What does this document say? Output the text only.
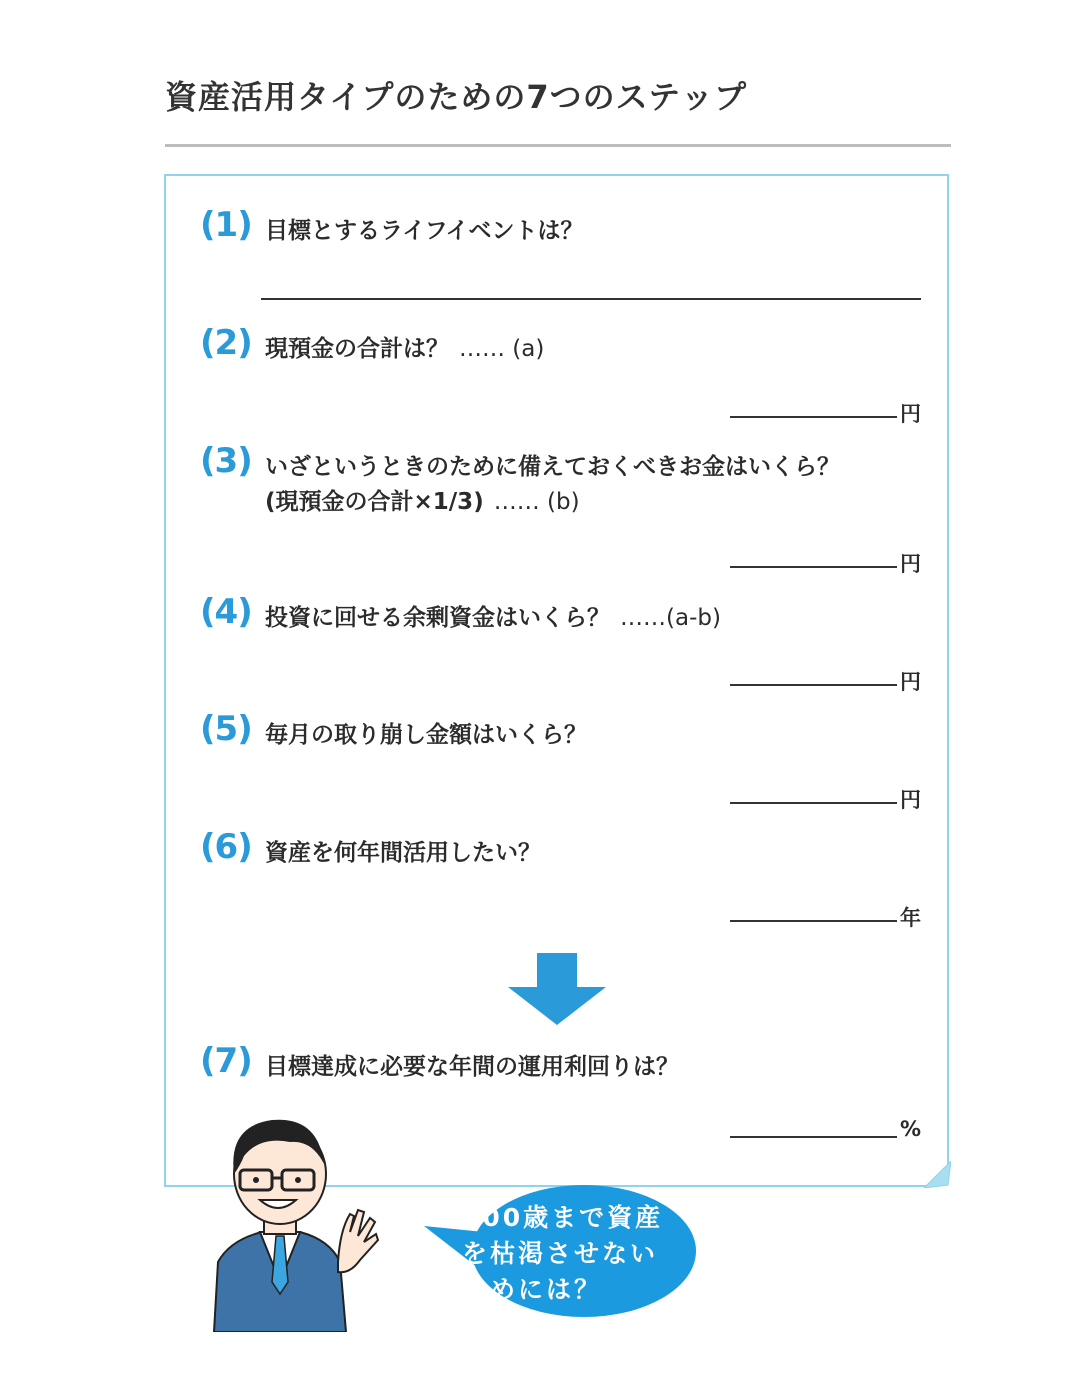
資産活用タイプのための7つのステップ
(1) 目標とするライフイベントは？
(2) 現預金の合計は？ …… (a)
円
(3) いざというときのために備えておくべきお金はいくら？
(現預金の合計×1/3) …… (b)
円
(4) 投資に回せる余剰資金はいくら？ ……(a-b)
円
(5) 毎月の取り崩し金額はいくら？
円
(6) 資産を何年間活用したい？
年
(7) 目標達成に必要な年間の運用利回りは？
%
100歳まで資産
を枯渇させない
ためには？
